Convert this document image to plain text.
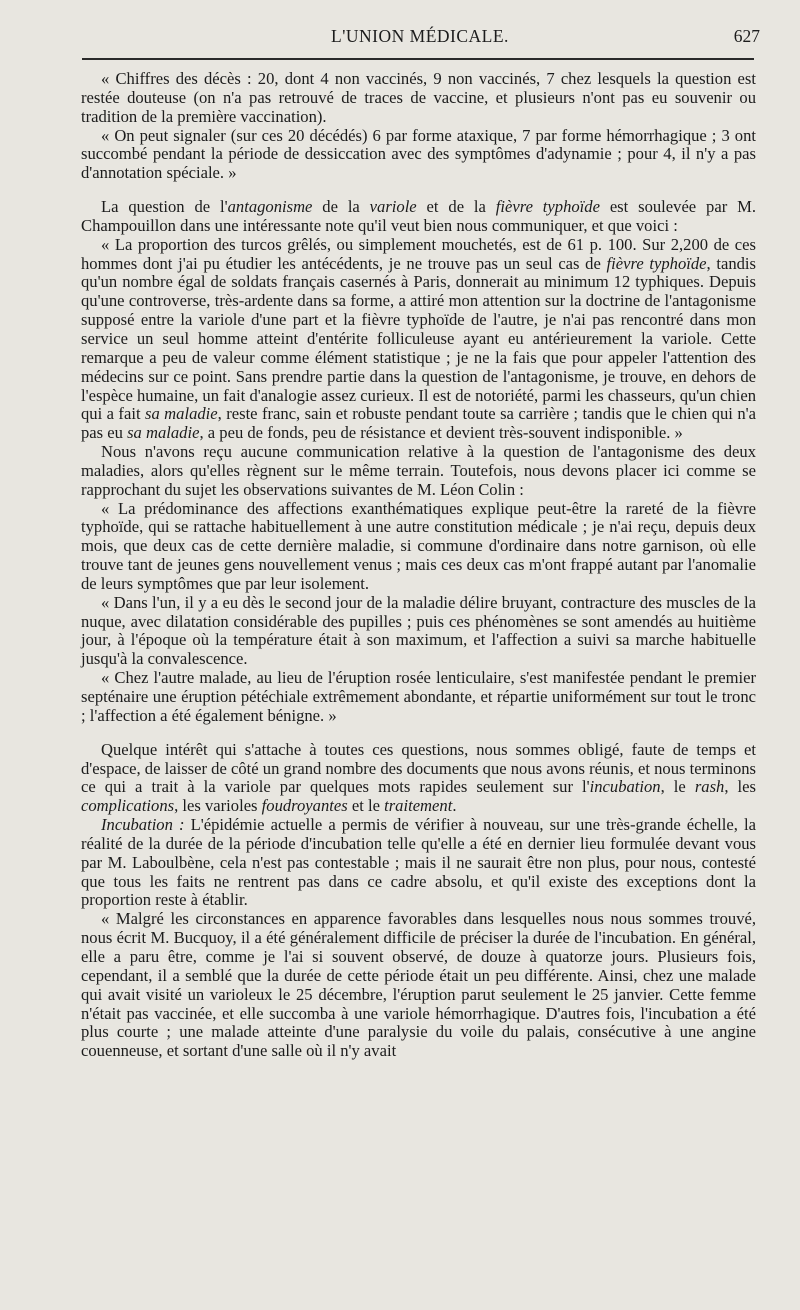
L'UNION MÉDICALE.	627

« Chiffres des décès : 20, dont 4 non vaccinés, 9 non vaccinés, 7 chez lesquels la question est restée douteuse (on n'a pas retrouvé de traces de vaccine, et plusieurs n'ont pas eu souvenir ou tradition de la première vaccination).

« On peut signaler (sur ces 20 décédés) 6 par forme ataxique, 7 par forme hémorrhagique ; 3 ont succombé pendant la période de dessiccation avec des symptômes d'adynamie ; pour 4, il n'y a pas d'annotation spéciale. »

La question de l'antagonisme de la variole et de la fièvre typhoïde est soulevée par M. Champouillon dans une intéressante note qu'il veut bien nous communiquer, et que voici :

« La proportion des turcos grêlés, ou simplement mouchetés, est de 61 p. 100. Sur 2,200 de ces hommes dont j'ai pu étudier les antécédents, je ne trouve pas un seul cas de fièvre typhoïde, tandis qu'un nombre égal de soldats français casernés à Paris, donnerait au minimum 12 typhiques. Depuis qu'une controverse, très-ardente dans sa forme, a attiré mon attention sur la doctrine de l'antagonisme supposé entre la variole d'une part et la fièvre typhoïde de l'autre, je n'ai pas rencontré dans mon service un seul homme atteint d'entérite folliculeuse ayant eu antérieurement la variole. Cette remarque a peu de valeur comme élément statistique ; je ne la fais que pour appeler l'attention des médecins sur ce point. Sans prendre partie dans la question de l'antagonisme, je trouve, en dehors de l'espèce humaine, un fait d'analogie assez curieux. Il est de notoriété, parmi les chasseurs, qu'un chien qui a fait sa maladie, reste franc, sain et robuste pendant toute sa carrière ; tandis que le chien qui n'a pas eu sa maladie, a peu de fonds, peu de résistance et devient très-souvent indisponible. »

Nous n'avons reçu aucune communication relative à la question de l'antagonisme des deux maladies, alors qu'elles règnent sur le même terrain. Toutefois, nous devons placer ici comme se rapprochant du sujet les observations suivantes de M. Léon Colin :

« La prédominance des affections exanthématiques explique peut-être la rareté de la fièvre typhoïde, qui se rattache habituellement à une autre constitution médicale ; je n'ai reçu, depuis deux mois, que deux cas de cette dernière maladie, si commune d'ordinaire dans notre garnison, où elle trouve tant de jeunes gens nouvellement venus ; mais ces deux cas m'ont frappé autant par l'anomalie de leurs symptômes que par leur isolement.

« Dans l'un, il y a eu dès le second jour de la maladie délire bruyant, contracture des muscles de la nuque, avec dilatation considérable des pupilles ; puis ces phénomènes se sont amendés au huitième jour, à l'époque où la température était à son maximum, et l'affection a suivi sa marche habituelle jusqu'à la convalescence.

« Chez l'autre malade, au lieu de l'éruption rosée lenticulaire, s'est manifestée pendant le premier septénaire une éruption pétéchiale extrêmement abondante, et répartie uniformément sur tout le tronc ; l'affection a été également bénigne. »

Quelque intérêt qui s'attache à toutes ces questions, nous sommes obligé, faute de temps et d'espace, de laisser de côté un grand nombre des documents que nous avons réunis, et nous terminons ce qui a trait à la variole par quelques mots rapides seulement sur l'incubation, le rash, les complications, les varioles foudroyantes et le traitement.

Incubation : L'épidémie actuelle a permis de vérifier à nouveau, sur une très-grande échelle, la réalité de la durée de la période d'incubation telle qu'elle a été en dernier lieu formulée devant vous par M. Laboulbène, cela n'est pas contestable ; mais il ne saurait être non plus, pour nous, contesté que tous les faits ne rentrent pas dans ce cadre absolu, et qu'il existe des exceptions dont la proportion reste à établir.

« Malgré les circonstances en apparence favorables dans lesquelles nous nous sommes trouvé, nous écrit M. Bucquoy, il a été généralement difficile de préciser la durée de l'incubation. En général, elle a paru être, comme je l'ai si souvent observé, de douze à quatorze jours. Plusieurs fois, cependant, il a semblé que la durée de cette période était un peu différente. Ainsi, chez une malade qui avait visité un varioleux le 25 décembre, l'éruption parut seulement le 25 janvier. Cette femme n'était pas vaccinée, et elle succomba à une variole hémorrhagique. D'autres fois, l'incubation a été plus courte ; une malade atteinte d'une paralysie du voile du palais, consécutive à une angine couenneuse, et sortant d'une salle où il n'y avait
